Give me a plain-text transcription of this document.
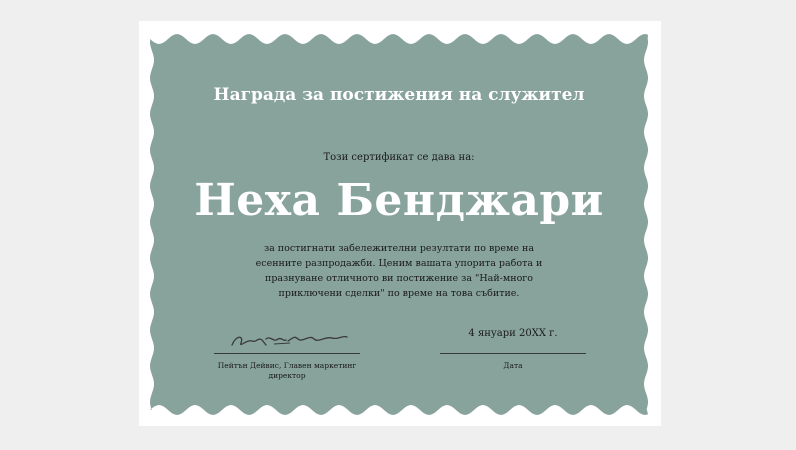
Награда за постижения на служител
Този сертификат се дава на:
Неха Бенджари
за постигнати забележителни резултати по време на есенните разпродажби. Ценим вашата упорита работа и празнуване отличното ви постижение за "Най-много приключени сделки" по време на това събитие.
Пейтън Дейвис, Главен маркетинг директор
4 януари 20XX г.
Дата
